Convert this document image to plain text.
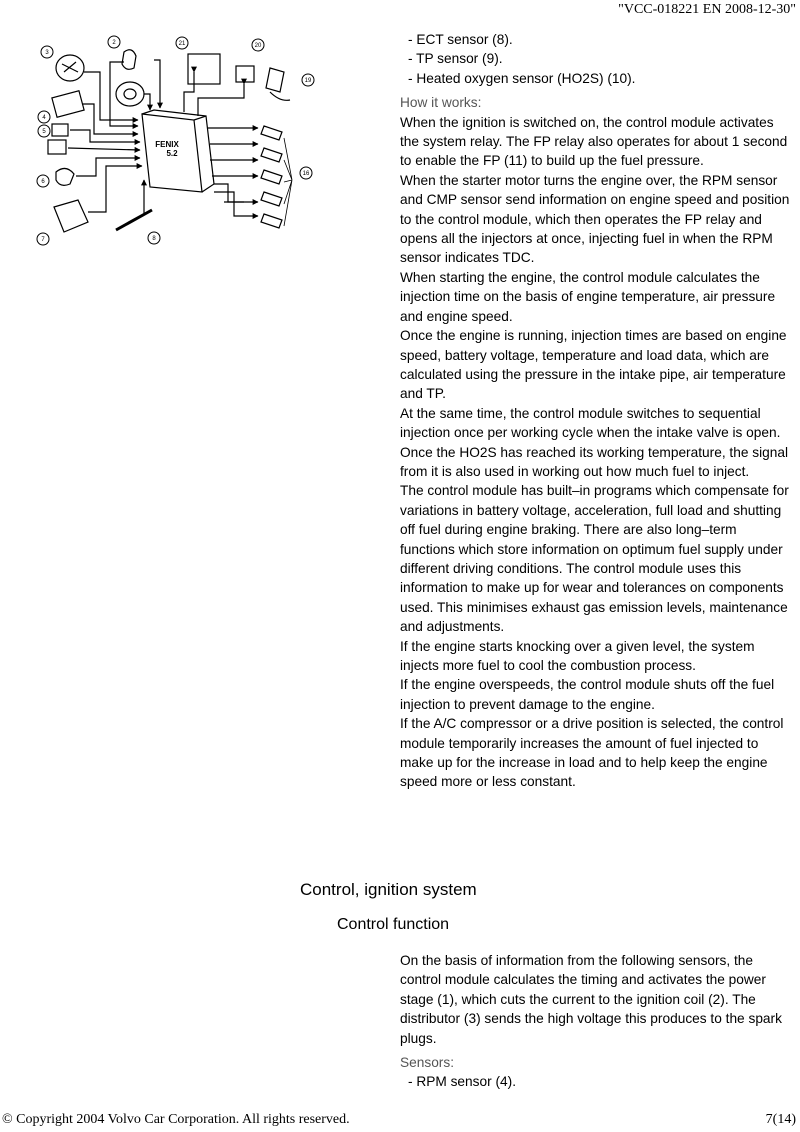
"VCC-018221 EN 2008-12-30"
3
2	21	20
19
4
5
6
7	8
16
FENIX
5.2

- ECT sensor (8).

- TP sensor (9).

- Heated oxygen sensor (HO2S) (10).

How it works:

When the ignition is switched on, the control module activates the system relay. The FP relay also operates for about 1 second to enable the FP (11) to build up the fuel pressure.

When the starter motor turns the engine over, the RPM sensor and CMP sensor send information on engine speed and position to the control module, which then operates the FP relay and opens all the injectors at once, injecting fuel in when the RPM sensor indicates TDC.

When starting the engine, the control module calculates the injection time on the basis of engine temperature, air pressure and engine speed.

Once the engine is running, injection times are based on engine speed, battery voltage, temperature and load data, which are calculated using the pressure in the intake pipe, air temperature and TP.

At the same time, the control module switches to sequential injection once per working cycle when the intake valve is open.

Once the HO2S has reached its working temperature, the signal from it is also used in working out how much fuel to inject.

The control module has built–in programs which compensate for variations in battery voltage, acceleration, full load and shutting off fuel during engine braking. There are also long–term functions which store information on optimum fuel supply under different driving conditions. The control module uses this information to make up for wear and tolerances on components used. This minimises exhaust gas emission levels, maintenance and adjustments.

If the engine starts knocking over a given level, the system injects more fuel to cool the combustion process.

If the engine overspeeds, the control module shuts off the fuel injection to prevent damage to the engine.

If the A/C compressor or a drive position is selected, the control module temporarily increases the amount of fuel injected to make up for the increase in load and to help keep the engine speed more or less constant.

Control, ignition system
Control function

On the basis of information from the following sensors, the control module calculates the timing and activates the power stage (1), which cuts the current to the ignition coil (2). The distributor (3) sends the high voltage this produces to the spark plugs.

Sensors:

- RPM sensor (4).

© Copyright 2004 Volvo Car Corporation. All rights reserved.	7(14)
